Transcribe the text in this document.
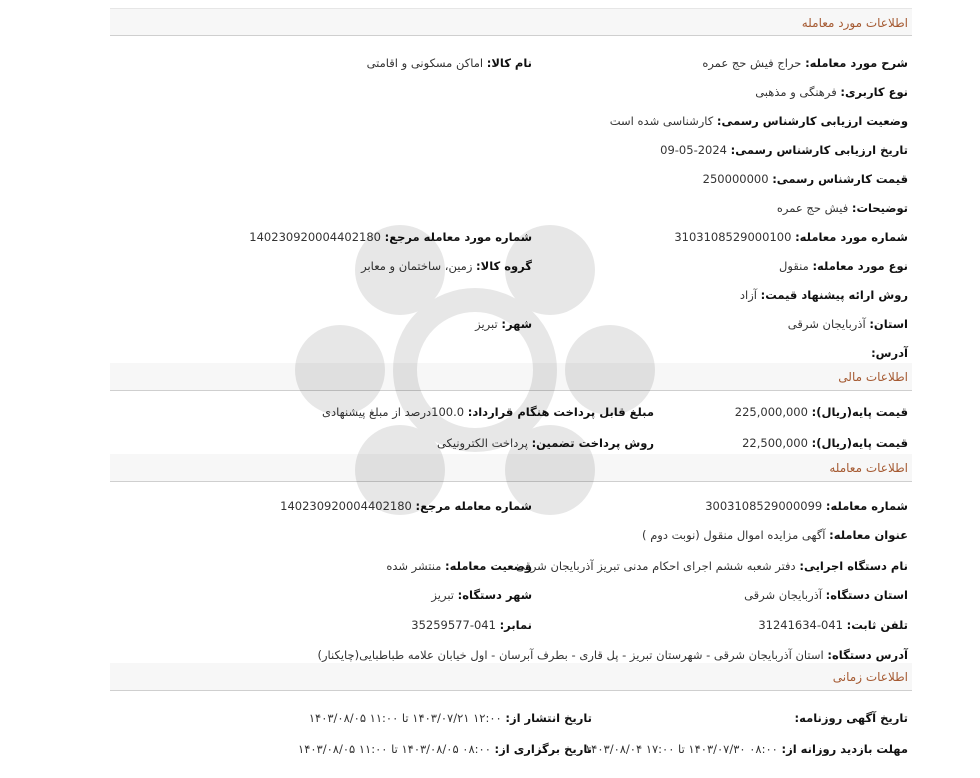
اطلاعات مورد معامله
شرح مورد معامله: حراج فیش حج عمره
نام کالا: اماکن مسکونی و اقامتی
نوع کاربری: فرهنگی و مذهبی
وضعیت ارزیابی کارشناس رسمی: کارشناسی شده است
تاریخ ارزیابی کارشناس رسمی: 2024-05-09
قیمت کارشناس رسمی: 250000000
توضیحات: فیش حج عمره
شماره مورد معامله: 3103108529000100
شماره مورد معامله مرجع: 140230920004402180
نوع مورد معامله: منقول
گروه کالا: زمین، ساختمان و معابر
روش ارائه پیشنهاد قیمت: آزاد
استان: آذربایجان شرقی
شهر: تبریز
آدرس:
اطلاعات مالی
قیمت پایه(ریال): 225,000,000
مبلغ قابل پرداخت هنگام قرارداد: 100.0درصد از مبلغ پیشنهادی
قیمت پایه(ریال): 22,500,000
روش پرداخت تضمین: پرداخت الکترونیکی
اطلاعات معامله
شماره معامله: 3003108529000099
شماره معامله مرجع: 140230920004402180
عنوان معامله: آگهی مزایده اموال منقول (نوبت دوم )
نام دستگاه اجرایی: دفتر شعبه ششم اجرای احکام مدنی تبریز آذربایجان شرقی
وضعیت معامله: منتشر شده
استان دستگاه: آذربایجان شرقی
شهر دستگاه: تبریز
تلفن ثابت: 041-31241634
نمابر: 041-35259577
آدرس دستگاه: استان آذربایجان شرقی - شهرستان تبریز - پل قاری - بطرف آبرسان - اول خیابان علامه طباطبایی(چایکنار)
اطلاعات زمانی
تاریخ آگهی روزنامه:
تاریخ انتشار از: ۱۲:۰۰ ۱۴۰۳/۰۷/۲۱ تا ۱۱:۰۰ ۱۴۰۳/۰۸/۰۵
مهلت بازدید روزانه از: ۰۸:۰۰ ۱۴۰۳/۰۷/۳۰ تا ۱۷:۰۰ ۱۴۰۳/۰۸/۰۴
تاریخ برگزاری از: ۰۸:۰۰ ۱۴۰۳/۰۸/۰۵ تا ۱۱:۰۰ ۱۴۰۳/۰۸/۰۵
